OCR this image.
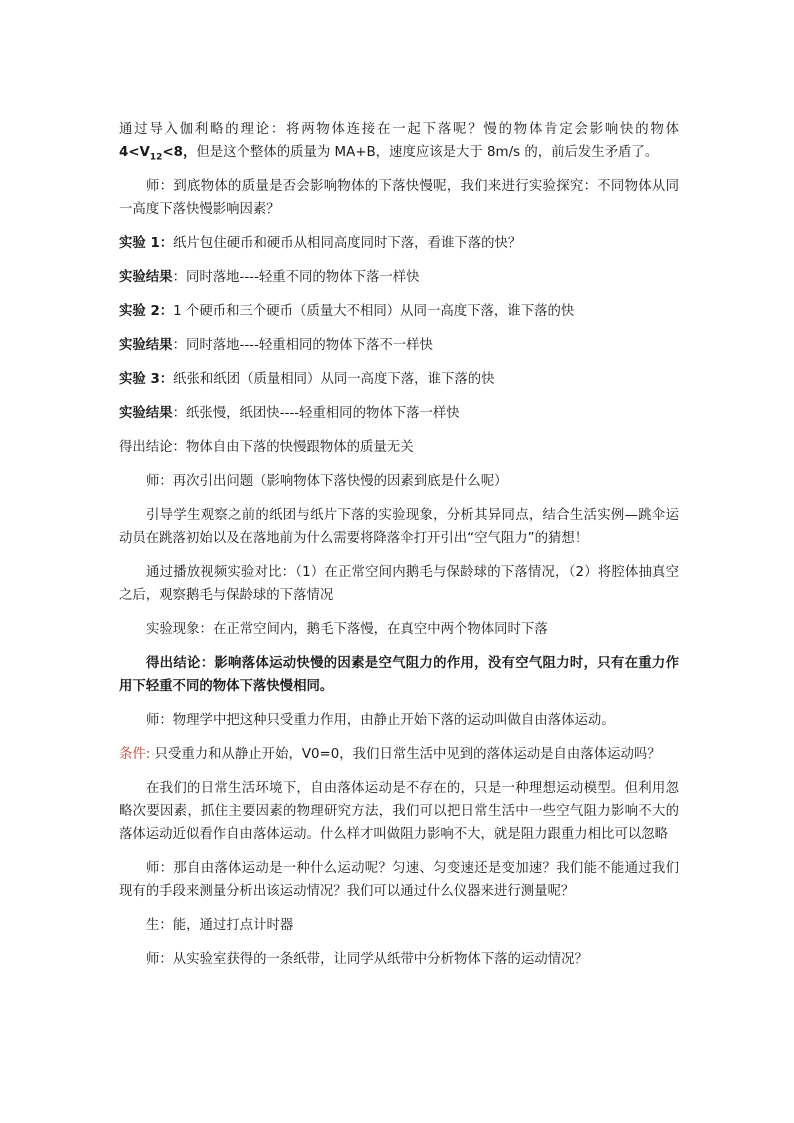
通过导入伽利略的理论：将两物体连接在一起下落呢？慢的物体肯定会影响快的物体 $4<V_{12}<8$，但是这个整体的质量为 MA+B，速度应该是大于 8m/s 的，前后发生矛盾了。

师：到底物体的质量是否会影响物体的下落快慢呢，我们来进行实验探究：不同物体从同一高度下落快慢影响因素？

实验 1：纸片包住硬币和硬币从相同高度同时下落，看谁下落的快？

实验结果：同时落地----轻重不同的物体下落一样快

实验 2：1 个硬币和三个硬币（质量大不相同）从同一高度下落，谁下落的快

实验结果：同时落地----轻重相同的物体下落不一样快

实验 3：纸张和纸团（质量相同）从同一高度下落，谁下落的快

实验结果：纸张慢，纸团快----轻重相同的物体下落一样快

得出结论：物体自由下落的快慢跟物体的质量无关

师：再次引出问题（影响物体下落快慢的因素到底是什么呢）

引导学生观察之前的纸团与纸片下落的实验现象，分析其异同点，结合生活实例—跳伞运动员在跳落初始以及在落地前为什么需要将降落伞打开引出“空气阻力”的猜想！

通过播放视频实验对比：（1）在正常空间内鹅毛与保龄球的下落情况，（2）将腔体抽真空之后，观察鹅毛与保龄球的下落情况

实验现象：在正常空间内，鹅毛下落慢，在真空中两个物体同时下落

得出结论：影响落体运动快慢的因素是空气阻力的作用，没有空气阻力时，只有在重力作用下轻重不同的物体下落快慢相同。

师：物理学中把这种只受重力作用，由静止开始下落的运动叫做自由落体运动。

条件: 只受重力和从静止开始，V0=0，我们日常生活中见到的落体运动是自由落体运动吗？

在我们的日常生活环境下，自由落体运动是不存在的，只是一种理想运动模型。但利用忽略次要因素，抓住主要因素的物理研究方法，我们可以把日常生活中一些空气阻力影响不大的落体运动近似看作自由落体运动。什么样才叫做阻力影响不大，就是阻力跟重力相比可以忽略

师：那自由落体运动是一种什么运动呢？匀速、匀变速还是变加速？我们能不能通过我们现有的手段来测量分析出该运动情况？我们可以通过什么仪器来进行测量呢？

生：能，通过打点计时器

师：从实验室获得的一条纸带，让同学从纸带中分析物体下落的运动情况？
